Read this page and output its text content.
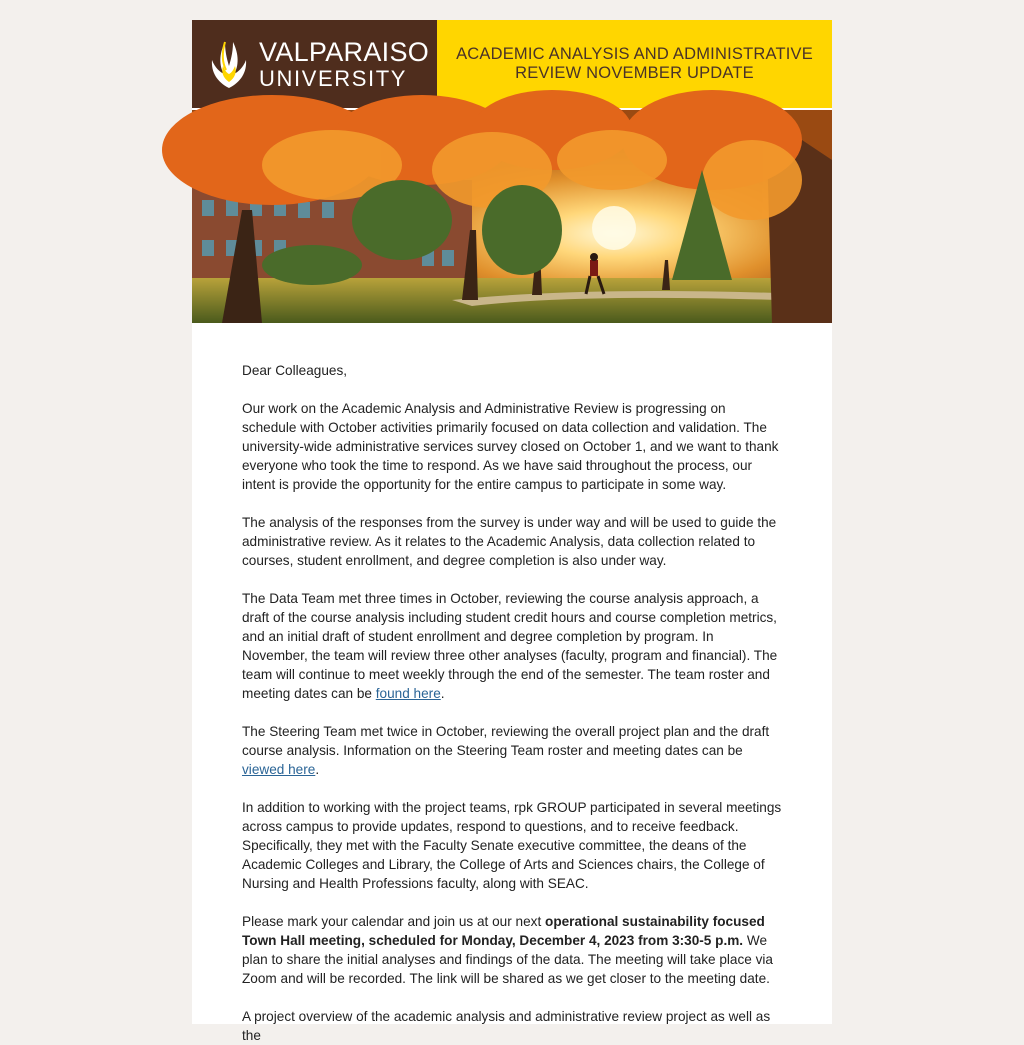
VALPARAISO
UNIVERSITY
ACADEMIC ANALYSIS AND ADMINISTRATIVE REVIEW NOVEMBER UPDATE

Dear Colleagues,

Our work on the Academic Analysis and Administrative Review is progressing on schedule with October activities primarily focused on data collection and validation. The university-wide administrative services survey closed on October 1, and we want to thank everyone who took the time to respond. As we have said throughout the process, our intent is provide the opportunity for the entire campus to participate in some way.

The analysis of the responses from the survey is under way and will be used to guide the administrative review. As it relates to the Academic Analysis, data collection related to courses, student enrollment, and degree completion is also under way.

The Data Team met three times in October, reviewing the course analysis approach, a draft of the course analysis including student credit hours and course completion metrics, and an initial draft of student enrollment and degree completion by program. In November, the team will review three other analyses (faculty, program and financial). The team will continue to meet weekly through the end of the semester. The team roster and meeting dates can be found here.

The Steering Team met twice in October, reviewing the overall project plan and the draft course analysis. Information on the Steering Team roster and meeting dates can be viewed here.

In addition to working with the project teams, rpk GROUP participated in several meetings across campus to provide updates, respond to questions, and to receive feedback. Specifically, they met with the Faculty Senate executive committee, the deans of the Academic Colleges and Library, the College of Arts and Sciences chairs, the College of Nursing and Health Professions faculty, along with SEAC.

Please mark your calendar and join us at our next operational sustainability focused Town Hall meeting, scheduled for Monday, December 4, 2023 from 3:30-5 p.m. We plan to share the initial analyses and findings of the data. The meeting will take place via Zoom and will be recorded. The link will be shared as we get closer to the meeting date.

A project overview of the academic analysis and administrative review project as well as the
